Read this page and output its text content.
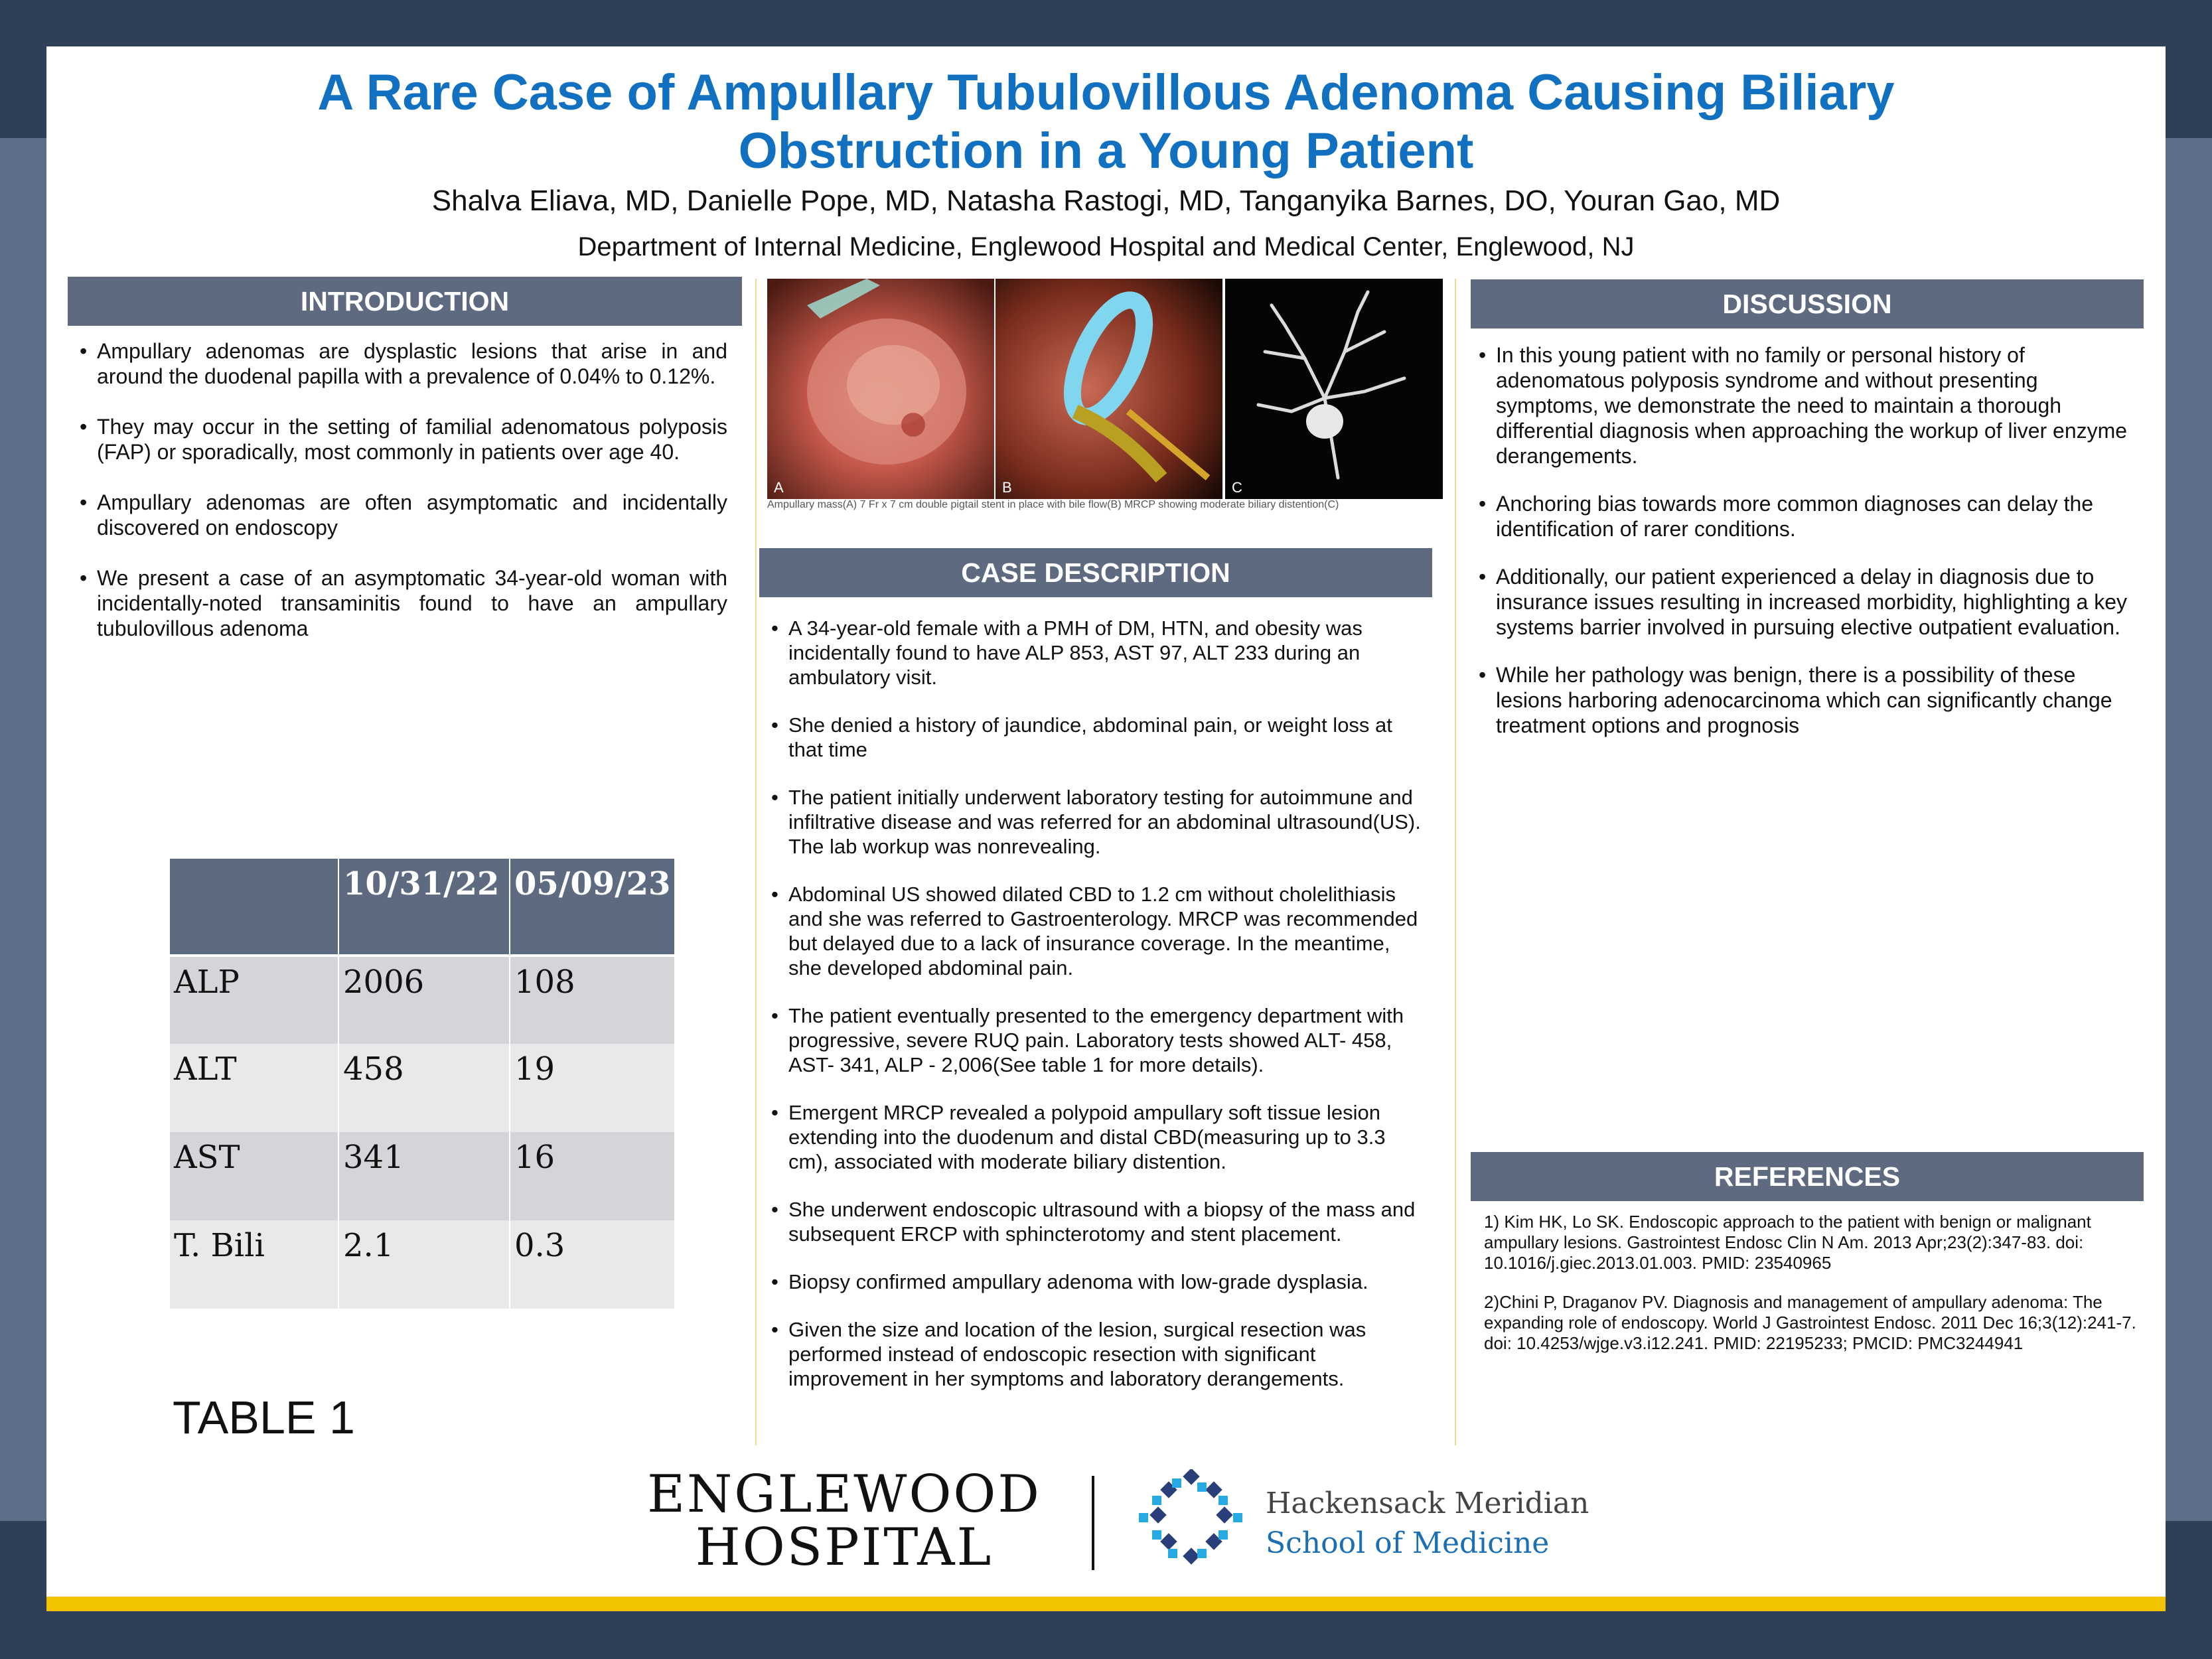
A Rare Case of Ampullary Tubulovillous Adenoma Causing Biliary
Obstruction in a Young Patient
Shalva Eliava, MD, Danielle Pope, MD, Natasha Rastogi, MD, Tanganyika Barnes, DO, Youran Gao, MD
Department of Internal Medicine, Englewood Hospital and Medical Center, Englewood, NJ
INTRODUCTION
• Ampullary adenomas are dysplastic lesions that arise in and around the duodenal papilla with a prevalence of 0.04% to 0.12%.
• They may occur in the setting of familial adenomatous polyposis (FAP) or sporadically, most commonly in patients over age 40.
• Ampullary adenomas are often asymptomatic and incidentally discovered on endoscopy
• We present a case of an asymptomatic 34-year-old woman with incidentally-noted transaminitis found to have an ampullary tubulovillous adenoma
	10/31/22	05/09/23
ALP	2006	108
ALT	458	19
AST	341	16
T. Bili	2.1	0.3
TABLE 1
A	B	C
Ampullary mass(A) 7 Fr x 7 cm double pigtail stent in place with bile flow(B) MRCP showing moderate biliary distention(C)
CASE DESCRIPTION
• A 34-year-old female with a PMH of DM, HTN, and obesity was incidentally found to have ALP 853, AST 97, ALT 233 during an ambulatory visit.
• She denied a history of jaundice, abdominal pain, or weight loss at that time
• The patient initially underwent laboratory testing for autoimmune and infiltrative disease and was referred for an abdominal ultrasound(US). The lab workup was nonrevealing.
• Abdominal US showed dilated CBD to 1.2 cm without cholelithiasis and she was referred to Gastroenterology. MRCP was recommended but delayed due to a lack of insurance coverage. In the meantime, she developed abdominal pain.
• The patient eventually presented to the emergency department with progressive, severe RUQ pain. Laboratory tests showed ALT- 458, AST- 341, ALP - 2,006(See table 1 for more details).
• Emergent MRCP revealed a polypoid ampullary soft tissue lesion extending into the duodenum and distal CBD(measuring up to 3.3 cm), associated with moderate biliary distention.
• She underwent endoscopic ultrasound with a biopsy of the mass and subsequent ERCP with sphincterotomy and stent placement.
• Biopsy confirmed ampullary adenoma with low-grade dysplasia.
• Given the size and location of the lesion, surgical resection was performed instead of endoscopic resection with significant improvement in her symptoms and laboratory derangements.
DISCUSSION
• In this young patient with no family or personal history of adenomatous polyposis syndrome and without presenting symptoms, we demonstrate the need to maintain a thorough differential diagnosis when approaching the workup of liver enzyme derangements.
• Anchoring bias towards more common diagnoses can delay the identification of rarer conditions.
• Additionally, our patient experienced a delay in diagnosis due to insurance issues resulting in increased morbidity, highlighting a key systems barrier involved in pursuing elective outpatient evaluation.
• While her pathology was benign, there is a possibility of these lesions harboring adenocarcinoma which can significantly change treatment options and prognosis
REFERENCES

1) Kim HK, Lo SK. Endoscopic approach to the patient with benign or malignant ampullary lesions. Gastrointest Endosc Clin N Am. 2013 Apr;23(2):347-83. doi: 10.1016/j.giec.2013.01.003. PMID: 23540965

2)Chini P, Draganov PV. Diagnosis and management of ampullary adenoma: The expanding role of endoscopy. World J Gastrointest Endosc. 2011 Dec 16;3(12):241-7. doi: 10.4253/wjge.v3.i12.241. PMID: 22195233; PMCID: PMC3244941

ENGLEWOOD
HOSPITAL
Hackensack Meridian
School of Medicine
